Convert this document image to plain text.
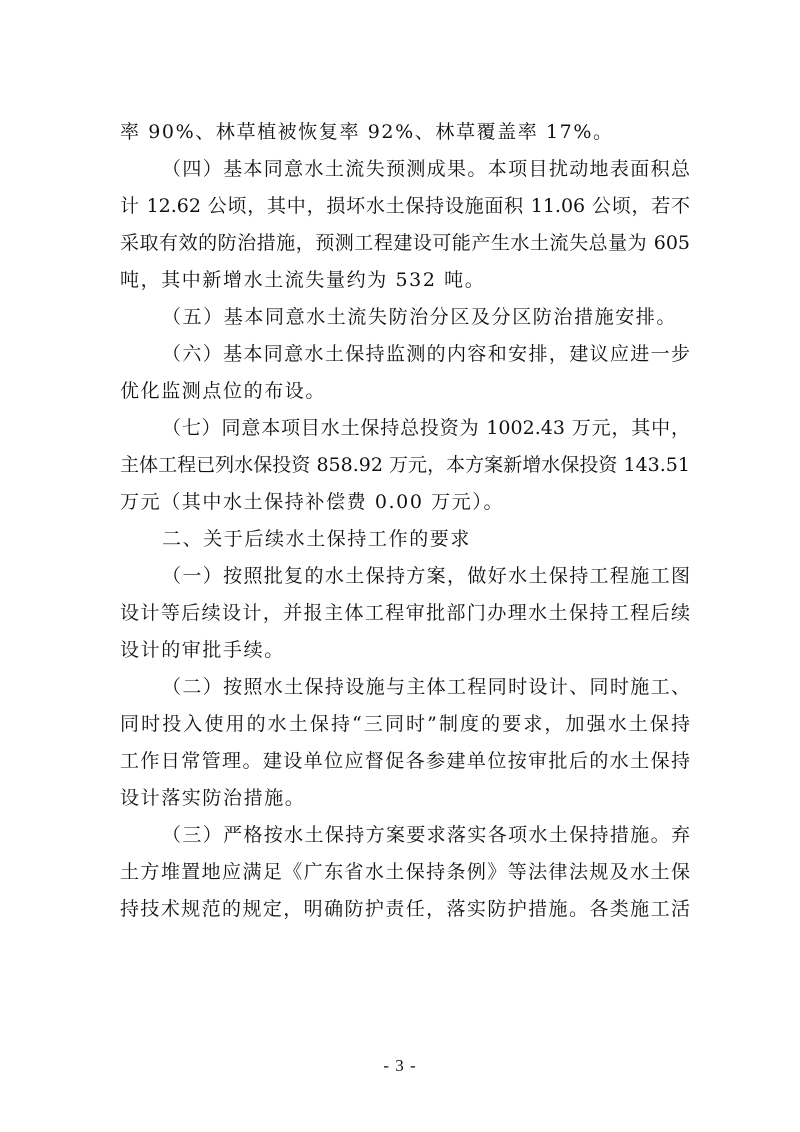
率 90%、林草植被恢复率 92%、林草覆盖率 17%。
（四）基本同意水土流失预测成果。本项目扰动地表面积总
计 12.62 公顷，其中，损坏水土保持设施面积 11.06 公顷，若不
采取有效的防治措施，预测工程建设可能产生水土流失总量为 605
吨，其中新增水土流失量约为 532 吨。
（五）基本同意水土流失防治分区及分区防治措施安排。
（六）基本同意水土保持监测的内容和安排，建议应进一步
优化监测点位的布设。
（七）同意本项目水土保持总投资为 1002.43 万元，其中，
主体工程已列水保投资 858.92 万元，本方案新增水保投资 143.51
万元（其中水土保持补偿费 0.00 万元）。
二、关于后续水土保持工作的要求
（一）按照批复的水土保持方案，做好水土保持工程施工图
设计等后续设计，并报主体工程审批部门办理水土保持工程后续
设计的审批手续。
（二）按照水土保持设施与主体工程同时设计、同时施工、
同时投入使用的水土保持“三同时”制度的要求，加强水土保持
工作日常管理。建设单位应督促各参建单位按审批后的水土保持
设计落实防治措施。
（三）严格按水土保持方案要求落实各项水土保持措施。弃
土方堆置地应满足《广东省水土保持条例》等法律法规及水土保
持技术规范的规定，明确防护责任，落实防护措施。各类施工活
- 3 -
